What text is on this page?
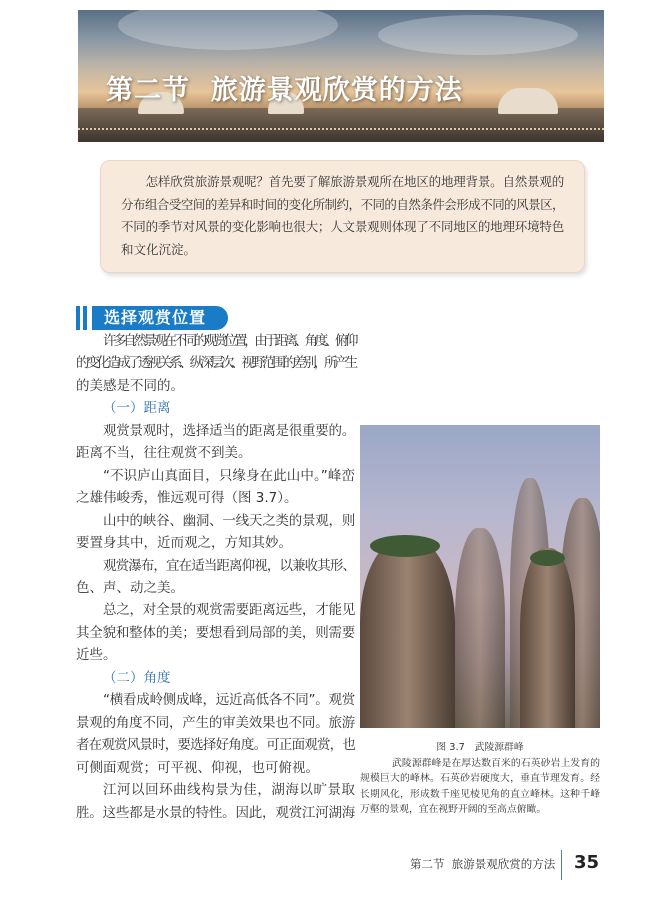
第二节  旅游景观欣赏的方法
　　怎样欣赏旅游景观呢？首先要了解旅游景观所在地区的地理背景。自然景观的
分布组合受空间的差异和时间的变化所制约，不同的自然条件会形成不同的风景区，
不同的季节对风景的变化影响也很大；人文景观则体现了不同地区的地理环境特色
和文化沉淀。
选择观赏位置
许多自然景观在不同的观赏位置，由于距离、角度、俯仰
的变化造成了透视关系、纵深层次、视野范围的差别，所产生
的美感是不同的。
（一）距离
观赏景观时，选择适当的距离是很重要的。
距离不当，往往观赏不到美。
“不识庐山真面目，只缘身在此山中。”峰峦
之雄伟峻秀，惟远观可得（图 3.7）。
山中的峡谷、幽洞、一线天之类的景观，则
要置身其中，近而观之，方知其妙。
观赏瀑布，宜在适当距离仰视，以兼收其形、
色、声、动之美。
总之，对全景的观赏需要距离远些，才能见
其全貌和整体的美；要想看到局部的美，则需要
近些。
（二）角度
“横看成岭侧成峰，远近高低各不同”。观赏
景观的角度不同，产生的审美效果也不同。旅游
者在观赏风景时，要选择好角度。可正面观赏，也
可侧面观赏；可平视、仰视，也可俯视。
江河以回环曲线构景为佳，湖海以旷景取
胜。这些都是水景的特性。因此，观赏江河湖海
图 3.7　武陵源群峰
武陵源群峰是在厚达数百米的石英砂岩上发育的
规模巨大的峰林。石英砂岩硬度大，垂直节理发育。经
长期风化，形成数千座见棱见角的直立峰林。这种千峰
万壑的景观，宜在视野开阔的至高点俯瞰。
第二节  旅游景观欣赏的方法 35
